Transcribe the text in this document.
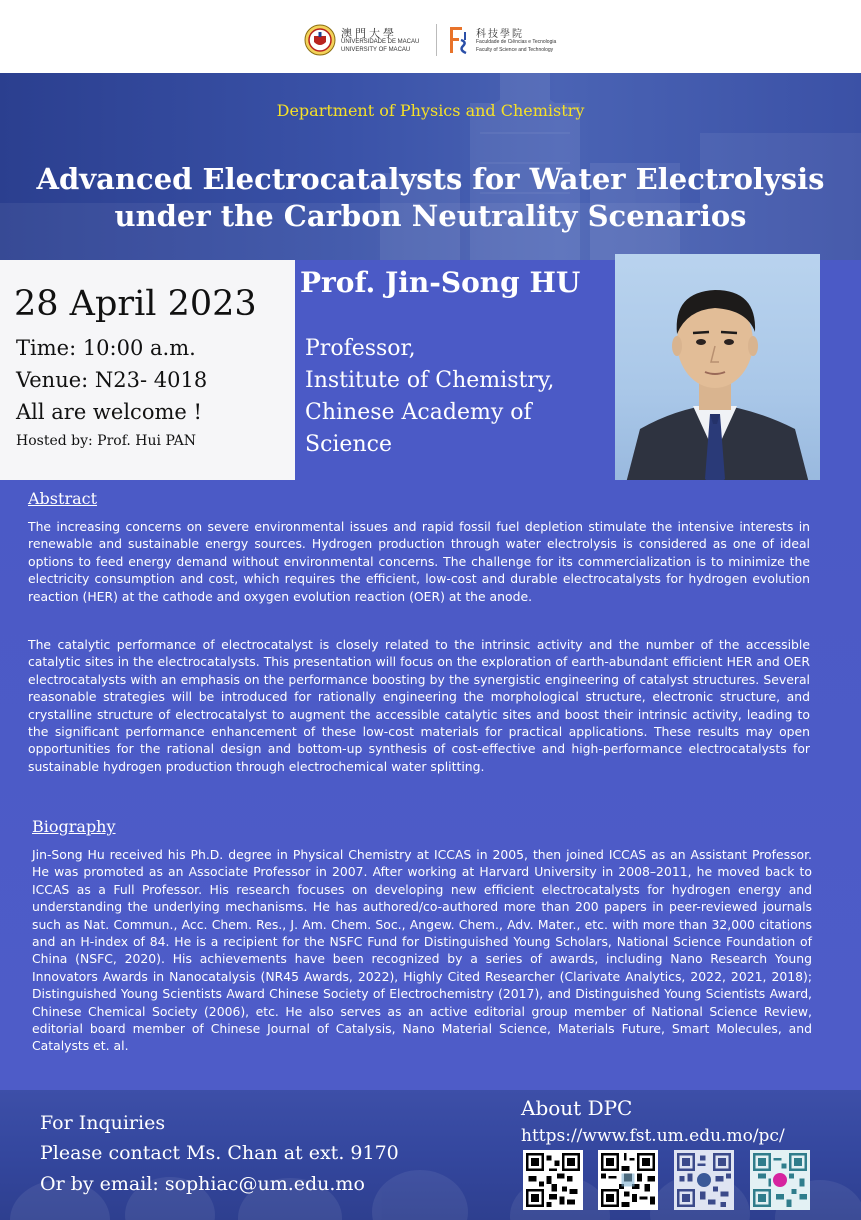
澳門大學
UNIVERSIDADE DE MACAU
UNIVERSITY OF MACAU
科技學院
Faculdade de Ciências e Tecnologia
Faculty of Science and Technology
Department of Physics and Chemistry
Advanced Electrocatalysts for Water Electrolysis
under the Carbon Neutrality Scenarios
28 April 2023
Time: 10:00 a.m.
Venue: N23- 4018
All are welcome !
Hosted by: Prof. Hui PAN
Prof. Jin-Song HU
Professor,
Institute of Chemistry,
Chinese Academy of
Science
Abstract

The increasing concerns on severe environmental issues and rapid fossil fuel depletion stimulate the intensive interests in renewable and sustainable energy sources. Hydrogen production through water electrolysis is considered as one of ideal options to feed energy demand without environmental concerns. The challenge for its commercialization is to minimize the electricity consumption and cost, which requires the efficient, low-cost and durable electrocatalysts for hydrogen evolution reaction (HER) at the cathode and oxygen evolution reaction (OER) at the anode.

The catalytic performance of electrocatalyst is closely related to the intrinsic activity and the number of the accessible catalytic sites in the electrocatalysts. This presentation will focus on the exploration of earth-abundant efficient HER and OER electrocatalysts with an emphasis on the performance boosting by the synergistic engineering of catalyst structures. Several reasonable strategies will be introduced for rationally engineering the morphological structure, electronic structure, and crystalline structure of electrocatalyst to augment the accessible catalytic sites and boost their intrinsic activity, leading to the significant performance enhancement of these low-cost materials for practical applications. These results may open opportunities for the rational design and bottom-up synthesis of cost-effective and high-performance electrocatalysts for sustainable hydrogen production through electrochemical water splitting.

Biography

Jin-Song Hu received his Ph.D. degree in Physical Chemistry at ICCAS in 2005, then joined ICCAS as an Assistant Professor. He was promoted as an Associate Professor in 2007. After working at Harvard University in 2008–2011, he moved back to ICCAS as a Full Professor. His research focuses on developing new efficient electrocatalysts for hydrogen energy and understanding the underlying mechanisms. He has authored/co-authored more than 200 papers in peer-reviewed journals such as Nat. Commun., Acc. Chem. Res., J. Am. Chem. Soc., Angew. Chem., Adv. Mater., etc. with more than 32,000 citations and an H-index of 84. He is a recipient for the NSFC Fund for Distinguished Young Scholars, National Science Foundation of China (NSFC, 2020). His achievements have been recognized by a series of awards, including Nano Research Young Innovators Awards in Nanocatalysis (NR45 Awards, 2022), Highly Cited Researcher (Clarivate Analytics, 2022, 2021, 2018); Distinguished Young Scientists Award Chinese Society of Electrochemistry (2017), and Distinguished Young Scientists Award, Chinese Chemical Society (2006), etc. He also serves as an active editorial group member of National Science Review, editorial board member of Chinese Journal of Catalysis, Nano Material Science, Materials Future, Smart Molecules, and Catalysts et. al.

For Inquiries
Please contact Ms. Chan at ext. 9170
Or by email: sophiac@um.edu.mo
About DPC
https://www.fst.um.edu.mo/pc/
